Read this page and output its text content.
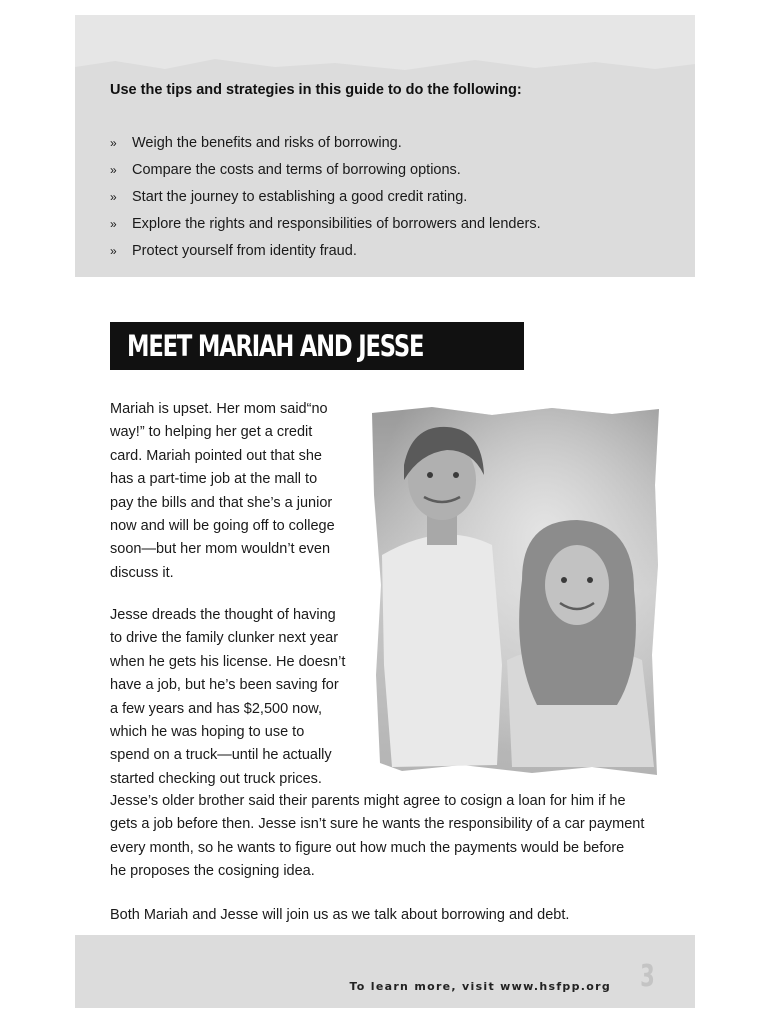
Use the tips and strategies in this guide to do the following:
» Weigh the benefits and risks of borrowing.
» Compare the costs and terms of borrowing options.
» Start the journey to establishing a good credit rating.
» Explore the rights and responsibilities of borrowers and lenders.
» Protect yourself from identity fraud.
MEET MARIAH AND JESSE
Mariah is upset. Her mom said“no
way!” to helping her get a credit
card. Mariah pointed out that she
has a part-time job at the mall to
pay the bills and that she’s a junior
now and will be going off to college
soon—but her mom wouldn’t even
discuss it.
Jesse dreads the thought of having
to drive the family clunker next year
when he gets his license. He doesn’t
have a job, but he’s been saving for
a few years and has $2,500 now,
which he was hoping to use to
spend on a truck—until he actually
started checking out truck prices.
Jesse’s older brother said their parents might agree to cosign a loan for him if he
gets a job before then. Jesse isn’t sure he wants the responsibility of a car payment
every month, so he wants to figure out how much the payments would be before
he proposes the cosigning idea.
Both Mariah and Jesse will join us as we talk about borrowing and debt.
To learn more, visit www.hsfpp.org 3
